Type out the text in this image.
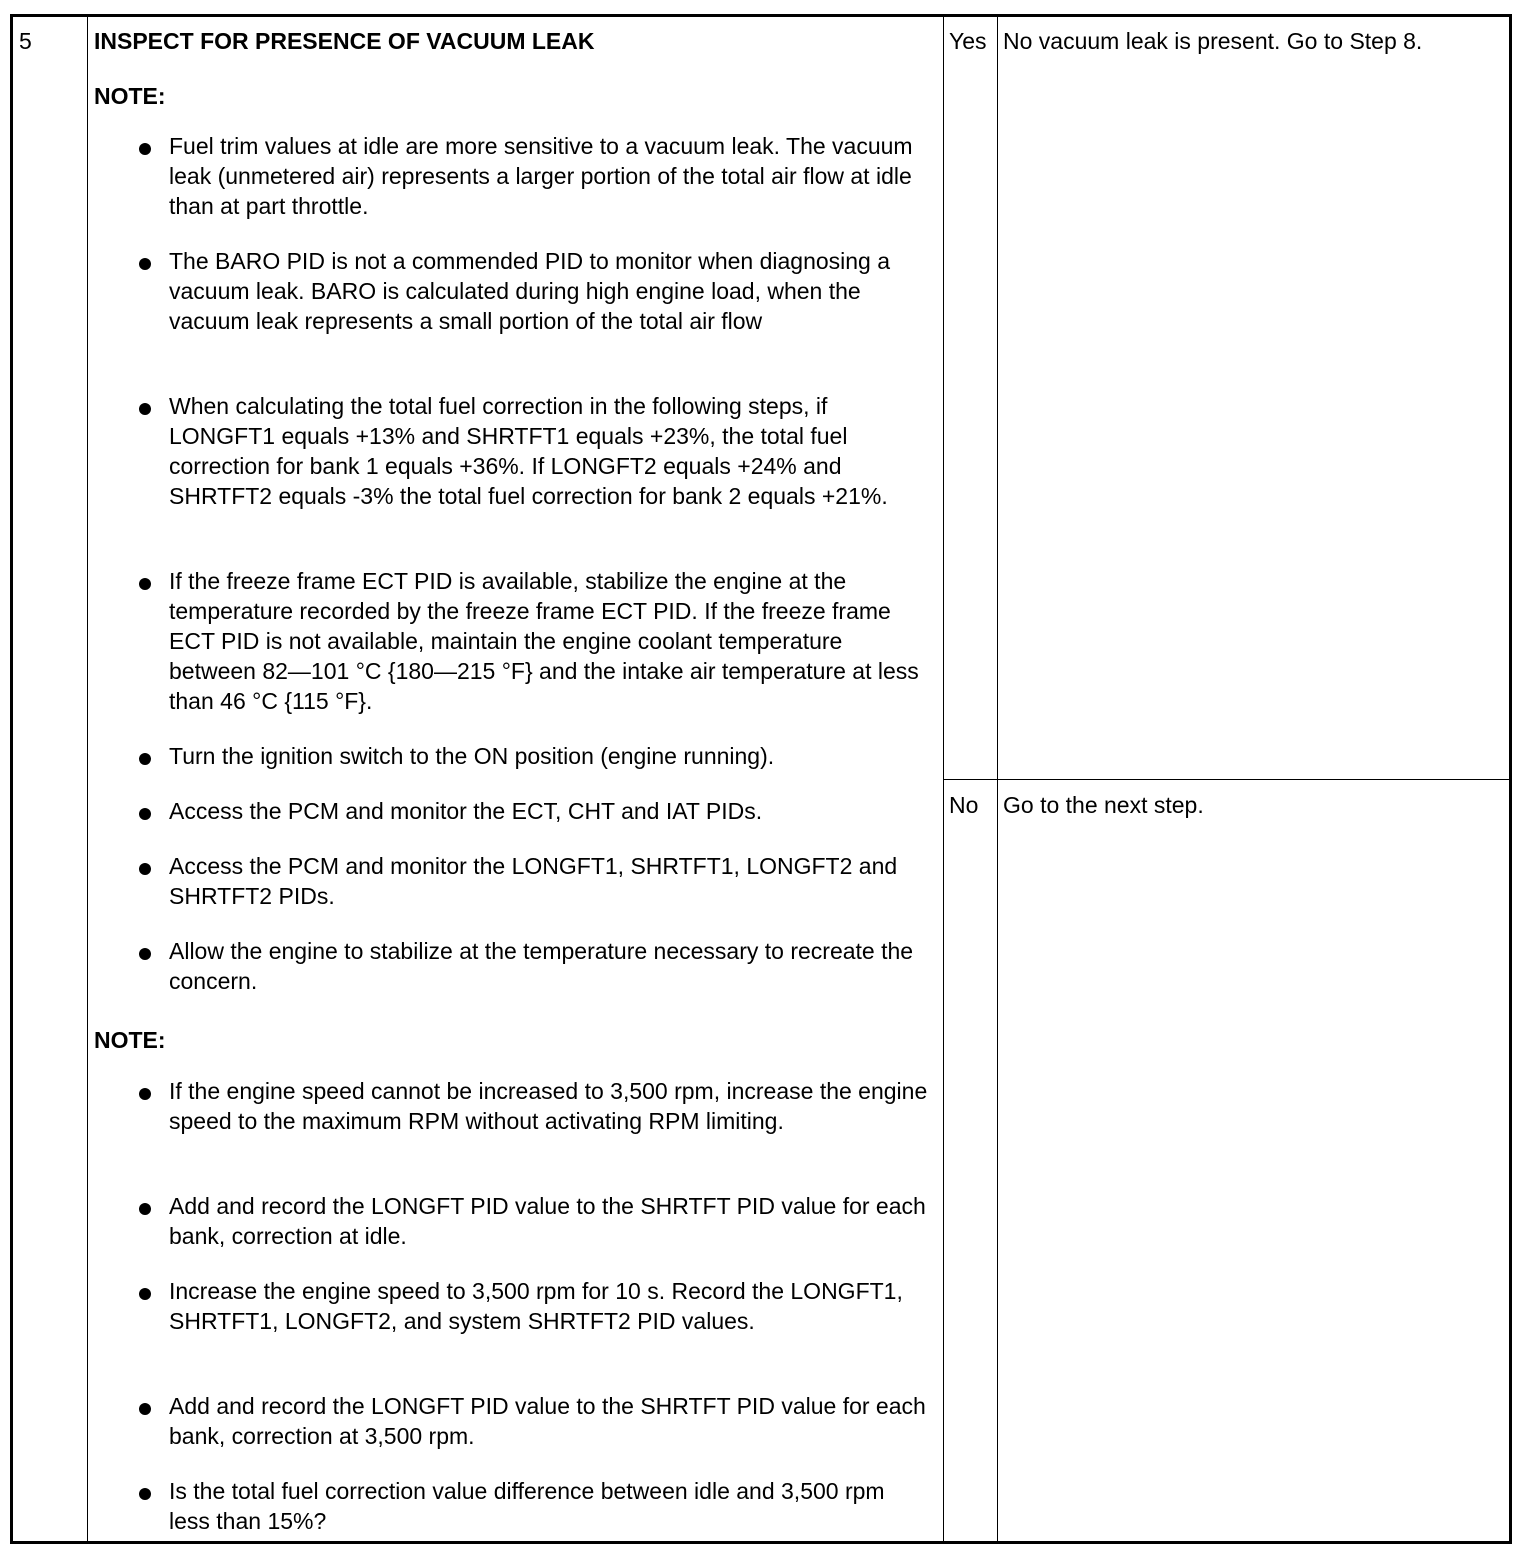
5	INSPECT FOR PRESENCE OF VACUUM LEAK
NOTE:
Fuel trim values at idle are more sensitive to a vacuum leak. The vacuum leak (unmetered air) represents a larger portion of the total air flow at idle than at part throttle.
The BARO PID is not a commended PID to monitor when diagnosing a vacuum leak. BARO is calculated during high engine load, when the vacuum leak represents a small portion of the total air flow
When calculating the total fuel correction in the following steps, if LONGFT1 equals +13% and SHRTFT1 equals +23%, the total fuel correction for bank 1 equals +36%. If LONGFT2 equals +24% and SHRTFT2 equals -3% the total fuel correction for bank 2 equals +21%.
If the freeze frame ECT PID is available, stabilize the engine at the temperature recorded by the freeze frame ECT PID. If the freeze frame ECT PID is not available, maintain the engine coolant temperature between 82—101 °C {180—215 °F} and the intake air temperature at less than 46 °C {115 °F}.
Turn the ignition switch to the ON position (engine running).
Access the PCM and monitor the ECT, CHT and IAT PIDs.
Access the PCM and monitor the LONGFT1, SHRTFT1, LONGFT2 and SHRTFT2 PIDs.
Allow the engine to stabilize at the temperature necessary to recreate the concern.
NOTE:
If the engine speed cannot be increased to 3,500 rpm, increase the engine speed to the maximum RPM without activating RPM limiting.
Add and record the LONGFT PID value to the SHRTFT PID value for each bank, correction at idle.
Increase the engine speed to 3,500 rpm for 10 s. Record the LONGFT1, SHRTFT1, LONGFT2, and system SHRTFT2 PID values.
Add and record the LONGFT PID value to the SHRTFT PID value for each bank, correction at 3,500 rpm.
Is the total fuel correction value difference between idle and 3,500 rpm less than 15%?
Yes No vacuum leak is present. Go to Step 8.
No Go to the next step.
